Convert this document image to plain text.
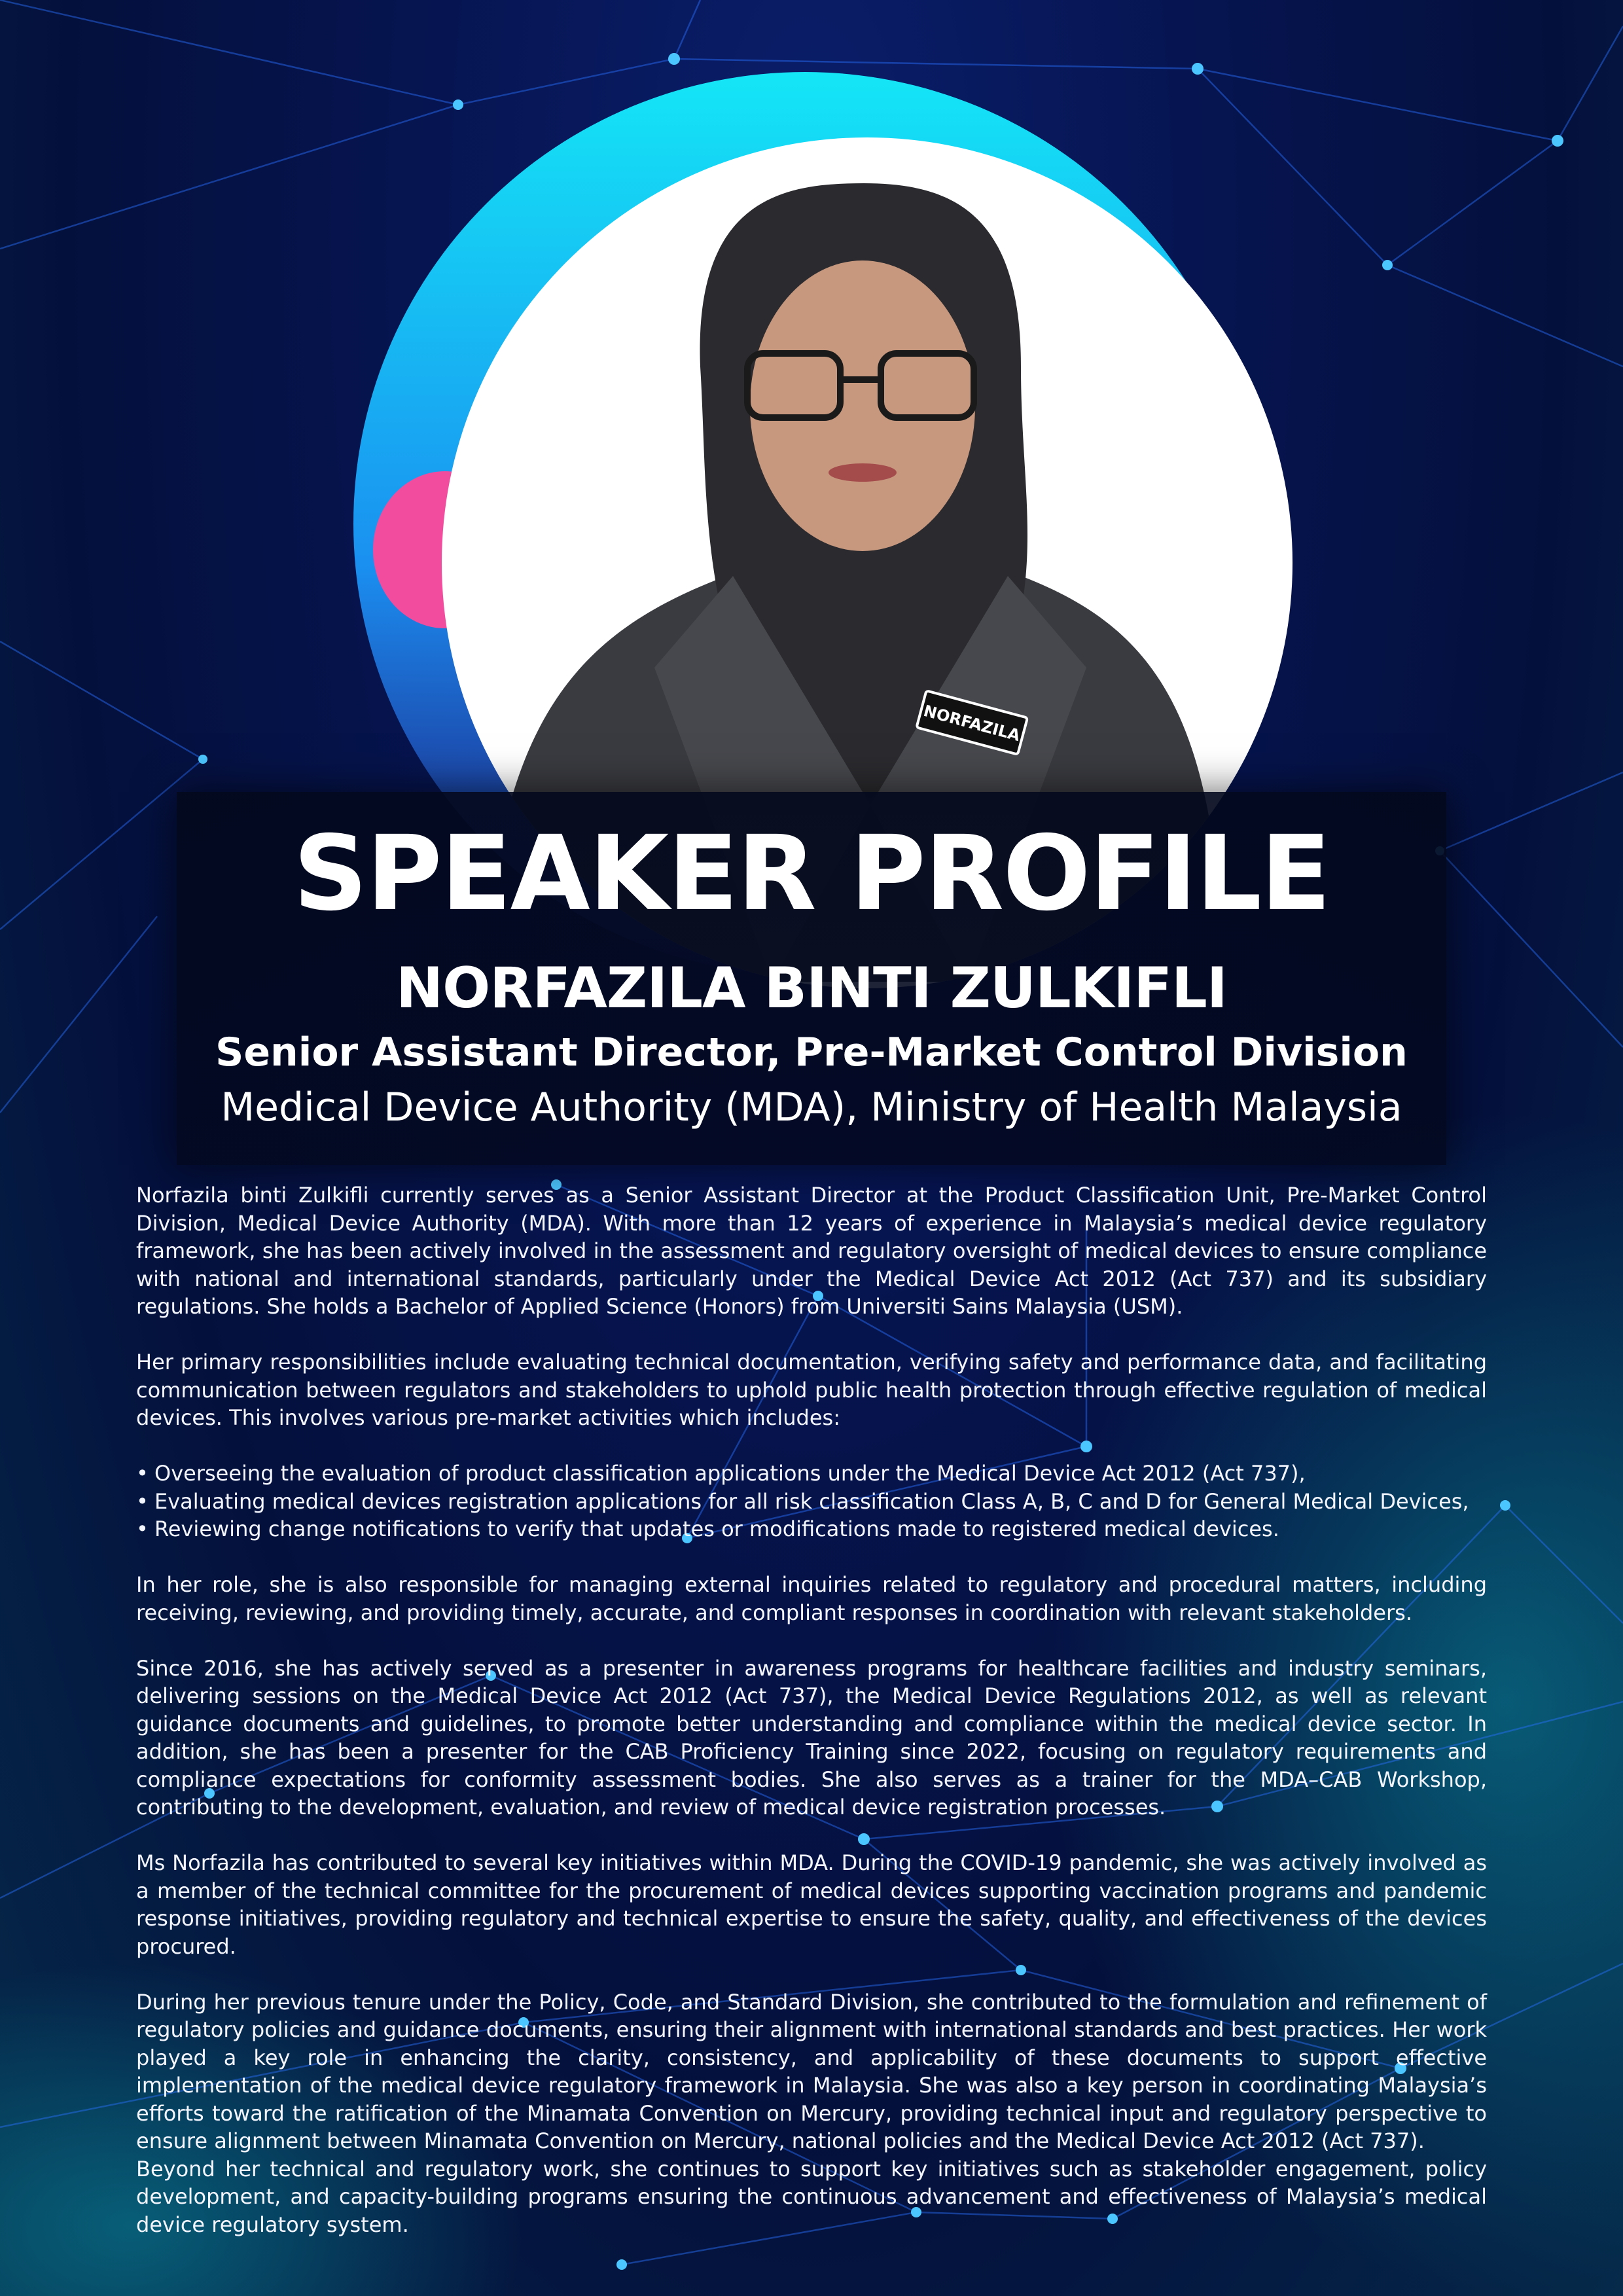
NORFAZILA
SPEAKER PROFILE
NORFAZILA BINTI ZULKIFLI
Senior Assistant Director, Pre-Market Control Division
Medical Device Authority (MDA), Ministry of Health Malaysia

Norfazila binti Zulkifli currently serves as a Senior Assistant Director at the Product Classification Unit, Pre-Market Control Division, Medical Device Authority (MDA). With more than 12 years of experience in Malaysia’s medical device regulatory framework, she has been actively involved in the assessment and regulatory oversight of medical devices to ensure compliance with national and international standards, particularly under the Medical Device Act 2012 (Act 737) and its subsidiary regulations. She holds a Bachelor of Applied Science (Honors) from Universiti Sains Malaysia (USM).

Her primary responsibilities include evaluating technical documentation, verifying safety and performance data, and facilitating communication between regulators and stakeholders to uphold public health protection through effective regulation of medical devices. This involves various pre-market activities which includes:

• Overseeing the evaluation of product classification applications under the Medical Device Act 2012 (Act 737),
• Evaluating medical devices registration applications for all risk classification Class A, B, C and D for General Medical Devices,
• Reviewing change notifications to verify that updates or modifications made to registered medical devices.

In her role, she is also responsible for managing external inquiries related to regulatory and procedural matters, including receiving, reviewing, and providing timely, accurate, and compliant responses in coordination with relevant stakeholders.

Since 2016, she has actively served as a presenter in awareness programs for healthcare facilities and industry seminars, delivering sessions on the Medical Device Act 2012 (Act 737), the Medical Device Regulations 2012, as well as relevant guidance documents and guidelines, to promote better understanding and compliance within the medical device sector. In addition, she has been a presenter for the CAB Proficiency Training since 2022, focusing on regulatory requirements and compliance expectations for conformity assessment bodies. She also serves as a trainer for the MDA–CAB Workshop, contributing to the development, evaluation, and review of medical device registration processes.

Ms Norfazila has contributed to several key initiatives within MDA. During the COVID-19 pandemic, she was actively involved as a member of the technical committee for the procurement of medical devices supporting vaccination programs and pandemic response initiatives, providing regulatory and technical expertise to ensure the safety, quality, and effectiveness of the devices procured.

During her previous tenure under the Policy, Code, and Standard Division, she contributed to the formulation and refinement of regulatory policies and guidance documents, ensuring their alignment with international standards and best practices. Her work played a key role in enhancing the clarity, consistency, and applicability of these documents to support effective implementation of the medical device regulatory framework in Malaysia. She was also a key person in coordinating Malaysia’s efforts toward the ratification of the Minamata Convention on Mercury, providing technical input and regulatory perspective to ensure alignment between Minamata Convention on Mercury, national policies and the Medical Device Act 2012 (Act 737).

Beyond her technical and regulatory work, she continues to support key initiatives such as stakeholder engagement, policy development, and capacity-building programs ensuring the continuous advancement and effectiveness of Malaysia’s medical device regulatory system.
